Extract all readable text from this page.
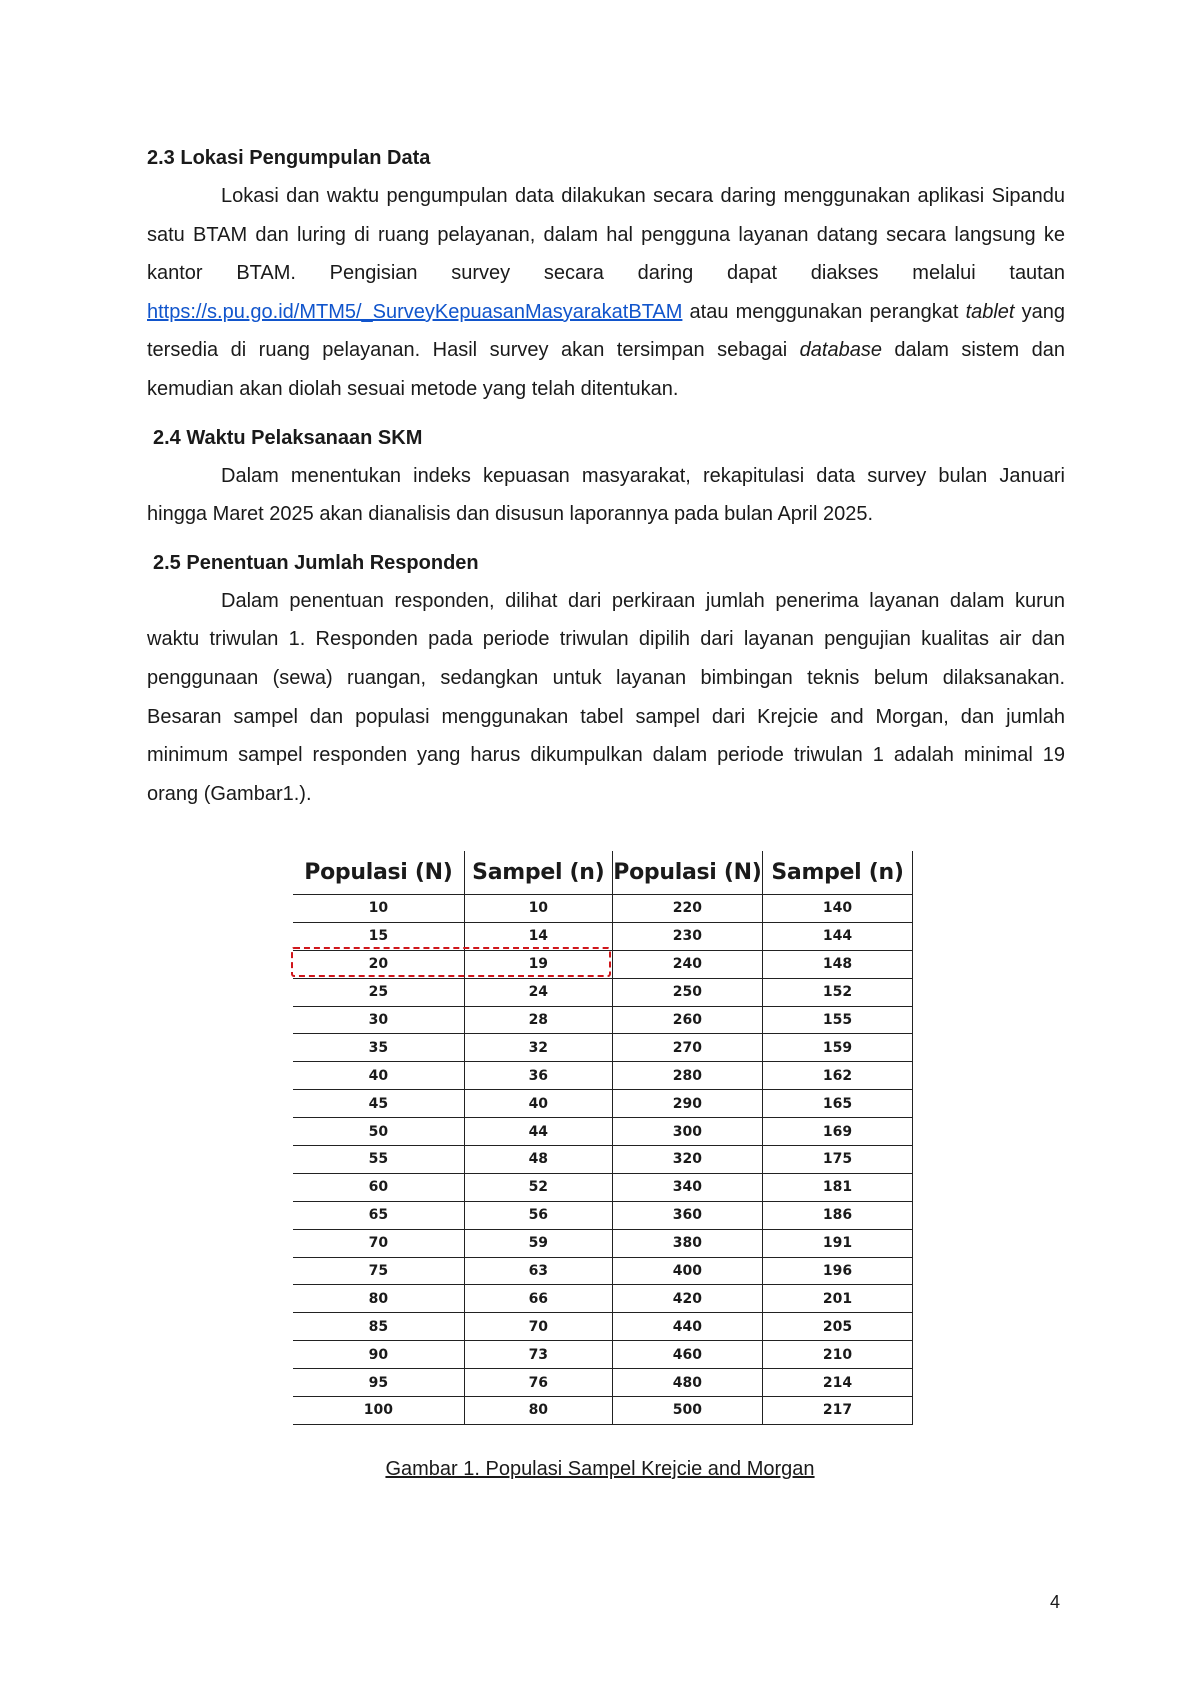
2.3 Lokasi Pengumpulan Data

Lokasi dan waktu pengumpulan data dilakukan secara daring menggunakan aplikasi Sipandu satu BTAM dan luring di ruang pelayanan, dalam hal pengguna layanan datang secara langsung ke kantor BTAM. Pengisian survey secara daring dapat diakses melalui tautan https://s.pu.go.id/MTM5/_SurveyKepuasanMasyarakatBTAM atau menggunakan perangkat tablet yang tersedia di ruang pelayanan. Hasil survey akan tersimpan sebagai database dalam sistem dan kemudian akan diolah sesuai metode yang telah ditentukan.

2.4 Waktu Pelaksanaan SKM

Dalam menentukan indeks kepuasan masyarakat, rekapitulasi data survey bulan Januari hingga Maret 2025 akan dianalisis dan disusun laporannya pada bulan April 2025.

2.5 Penentuan Jumlah Responden

Dalam penentuan responden, dilihat dari perkiraan jumlah penerima layanan dalam kurun waktu triwulan 1. Responden pada periode triwulan dipilih dari layanan pengujian kualitas air dan penggunaan (sewa) ruangan, sedangkan untuk layanan bimbingan teknis belum dilaksanakan. Besaran sampel dan populasi menggunakan tabel sampel dari Krejcie and Morgan, dan jumlah minimum sampel responden yang harus dikumpulkan dalam periode triwulan 1 adalah minimal 19 orang (Gambar1.).

Populasi (N)	Sampel (n)	Populasi (N)	Sampel (n)
10	10	220	140
15	14	230	144
20	19	240	148
25	24	250	152
30	28	260	155
35	32	270	159
40	36	280	162
45	40	290	165
50	44	300	169
55	48	320	175
60	52	340	181
65	56	360	186
70	59	380	191
75	63	400	196
80	66	420	201
85	70	440	205
90	73	460	210
95	76	480	214
100	80	500	217
Gambar 1. Populasi Sampel Krejcie and Morgan
4
